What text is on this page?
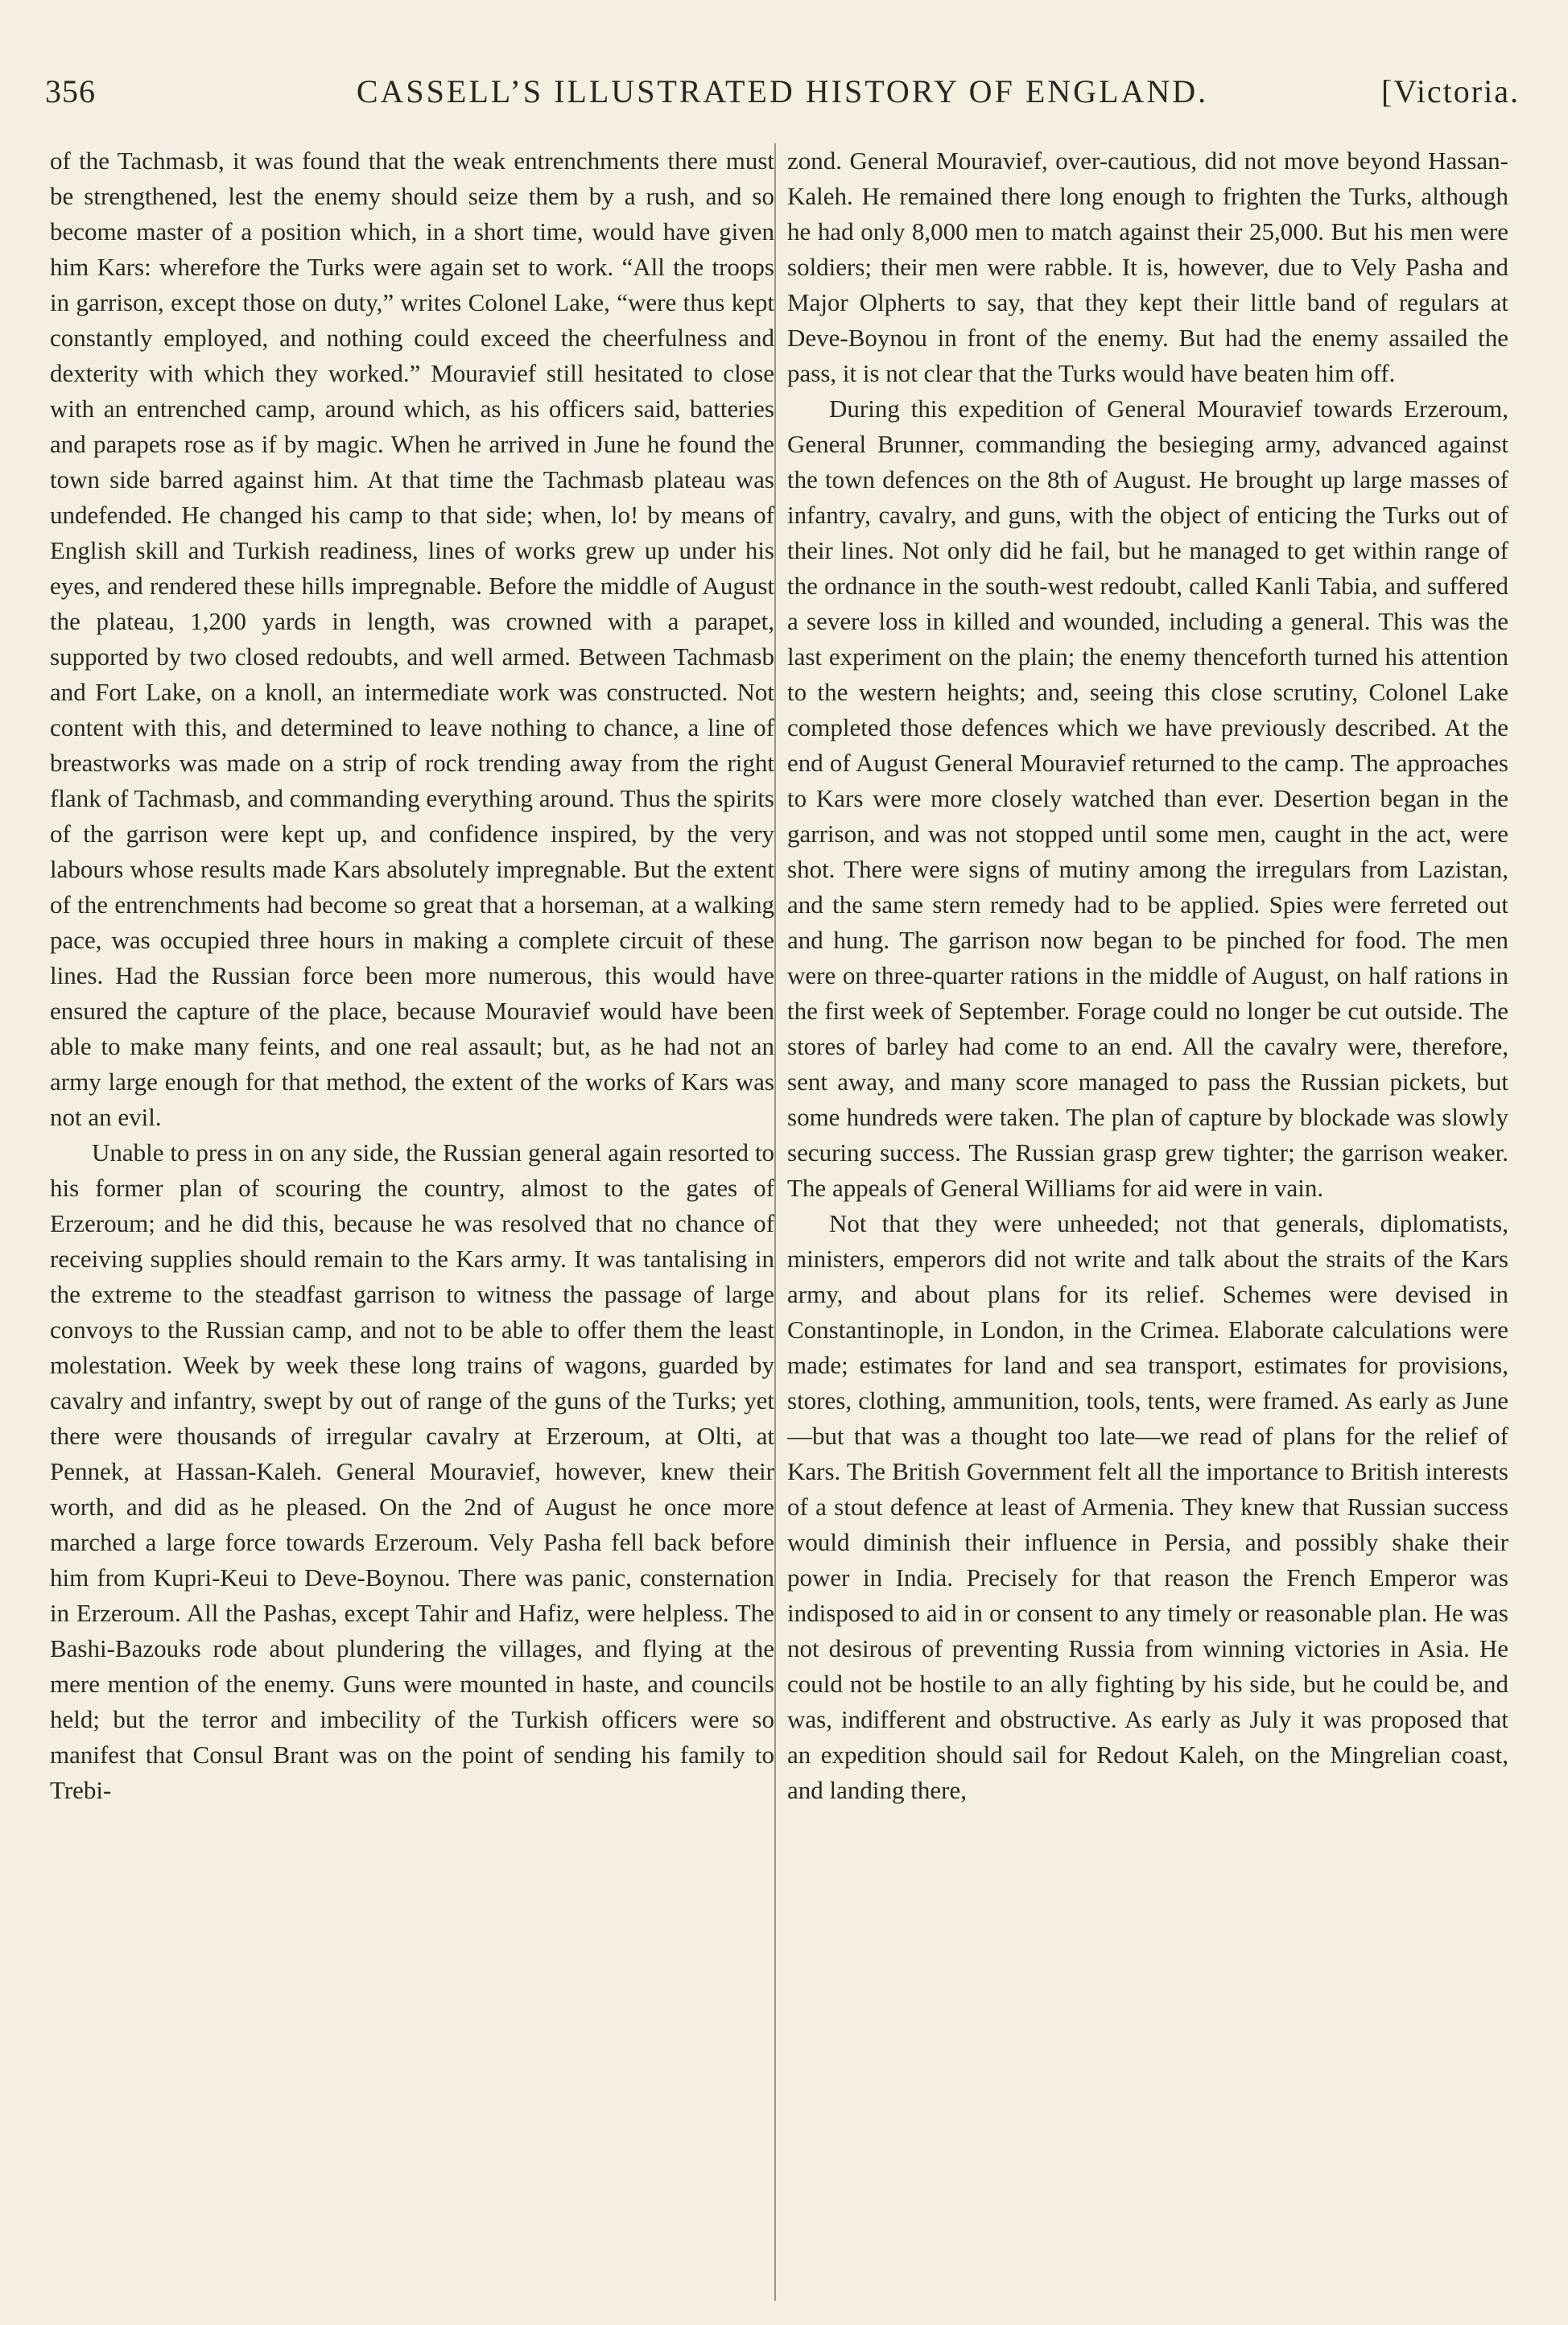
356	CASSELL’S ILLUSTRATED HISTORY OF ENGLAND.	[Victoria.

of the Tachmasb, it was found that the weak entrenchments there must be strengthened, lest the enemy should seize them by a rush, and so become master of a position which, in a short time, would have given him Kars: wherefore the Turks were again set to work. “All the troops in garrison, except those on duty,” writes Colonel Lake, “were thus kept constantly employed, and nothing could exceed the cheerfulness and dexterity with which they worked.” Mouravief still hesitated to close with an entrenched camp, around which, as his officers said, batteries and parapets rose as if by magic. When he arrived in June he found the town side barred against him. At that time the Tachmasb plateau was undefended. He changed his camp to that side; when, lo! by means of English skill and Turkish readiness, lines of works grew up under his eyes, and rendered these hills impregnable. Before the middle of August the plateau, 1,200 yards in length, was crowned with a parapet, supported by two closed redoubts, and well armed. Between Tachmasb and Fort Lake, on a knoll, an intermediate work was constructed. Not content with this, and determined to leave nothing to chance, a line of breastworks was made on a strip of rock trending away from the right flank of Tachmasb, and commanding everything around. Thus the spirits of the garrison were kept up, and confidence inspired, by the very labours whose results made Kars absolutely impregnable. But the extent of the entrenchments had become so great that a horseman, at a walking pace, was occupied three hours in making a complete circuit of these lines. Had the Russian force been more numerous, this would have ensured the capture of the place, because Mouravief would have been able to make many feints, and one real assault; but, as he had not an army large enough for that method, the extent of the works of Kars was not an evil.

Unable to press in on any side, the Russian general again resorted to his former plan of scouring the country, almost to the gates of Erzeroum; and he did this, because he was resolved that no chance of receiving supplies should remain to the Kars army. It was tantalising in the extreme to the steadfast garrison to witness the passage of large convoys to the Russian camp, and not to be able to offer them the least molestation. Week by week these long trains of wagons, guarded by cavalry and infantry, swept by out of range of the guns of the Turks; yet there were thousands of irregular cavalry at Erzeroum, at Olti, at Pennek, at Hassan-Kaleh. General Mouravief, however, knew their worth, and did as he pleased. On the 2nd of August he once more marched a large force towards Erzeroum. Vely Pasha fell back before him from Kupri-Keui to Deve-Boynou. There was panic, consternation in Erzeroum. All the Pashas, except Tahir and Hafiz, were helpless. The Bashi-Bazouks rode about plundering the villages, and flying at the mere mention of the enemy. Guns were mounted in haste, and councils held; but the terror and imbecility of the Turkish officers were so manifest that Consul Brant was on the point of sending his family to Trebi-

zond. General Mouravief, over-cautious, did not move beyond Hassan-Kaleh. He remained there long enough to frighten the Turks, although he had only 8,000 men to match against their 25,000. But his men were soldiers; their men were rabble. It is, however, due to Vely Pasha and Major Olpherts to say, that they kept their little band of regulars at Deve-Boynou in front of the enemy. But had the enemy assailed the pass, it is not clear that the Turks would have beaten him off.

During this expedition of General Mouravief towards Erzeroum, General Brunner, commanding the besieging army, advanced against the town defences on the 8th of August. He brought up large masses of infantry, cavalry, and guns, with the object of enticing the Turks out of their lines. Not only did he fail, but he managed to get within range of the ordnance in the south-west redoubt, called Kanli Tabia, and suffered a severe loss in killed and wounded, including a general. This was the last experiment on the plain; the enemy thenceforth turned his attention to the western heights; and, seeing this close scrutiny, Colonel Lake completed those defences which we have previously described. At the end of August General Mouravief returned to the camp. The approaches to Kars were more closely watched than ever. Desertion began in the garrison, and was not stopped until some men, caught in the act, were shot. There were signs of mutiny among the irregulars from Lazistan, and the same stern remedy had to be applied. Spies were ferreted out and hung. The garrison now began to be pinched for food. The men were on three-quarter rations in the middle of August, on half rations in the first week of September. Forage could no longer be cut outside. The stores of barley had come to an end. All the cavalry were, therefore, sent away, and many score managed to pass the Russian pickets, but some hundreds were taken. The plan of capture by blockade was slowly securing success. The Russian grasp grew tighter; the garrison weaker. The appeals of General Williams for aid were in vain.

Not that they were unheeded; not that generals, diplomatists, ministers, emperors did not write and talk about the straits of the Kars army, and about plans for its relief. Schemes were devised in Constantinople, in London, in the Crimea. Elaborate calculations were made; estimates for land and sea transport, estimates for provisions, stores, clothing, ammunition, tools, tents, were framed. As early as June—but that was a thought too late—we read of plans for the relief of Kars. The British Government felt all the importance to British interests of a stout defence at least of Armenia. They knew that Russian success would diminish their influence in Persia, and possibly shake their power in India. Precisely for that reason the French Emperor was indisposed to aid in or consent to any timely or reasonable plan. He was not desirous of preventing Russia from winning victories in Asia. He could not be hostile to an ally fighting by his side, but he could be, and was, indifferent and obstructive. As early as July it was proposed that an expedition should sail for Redout Kaleh, on the Mingrelian coast, and landing there,
